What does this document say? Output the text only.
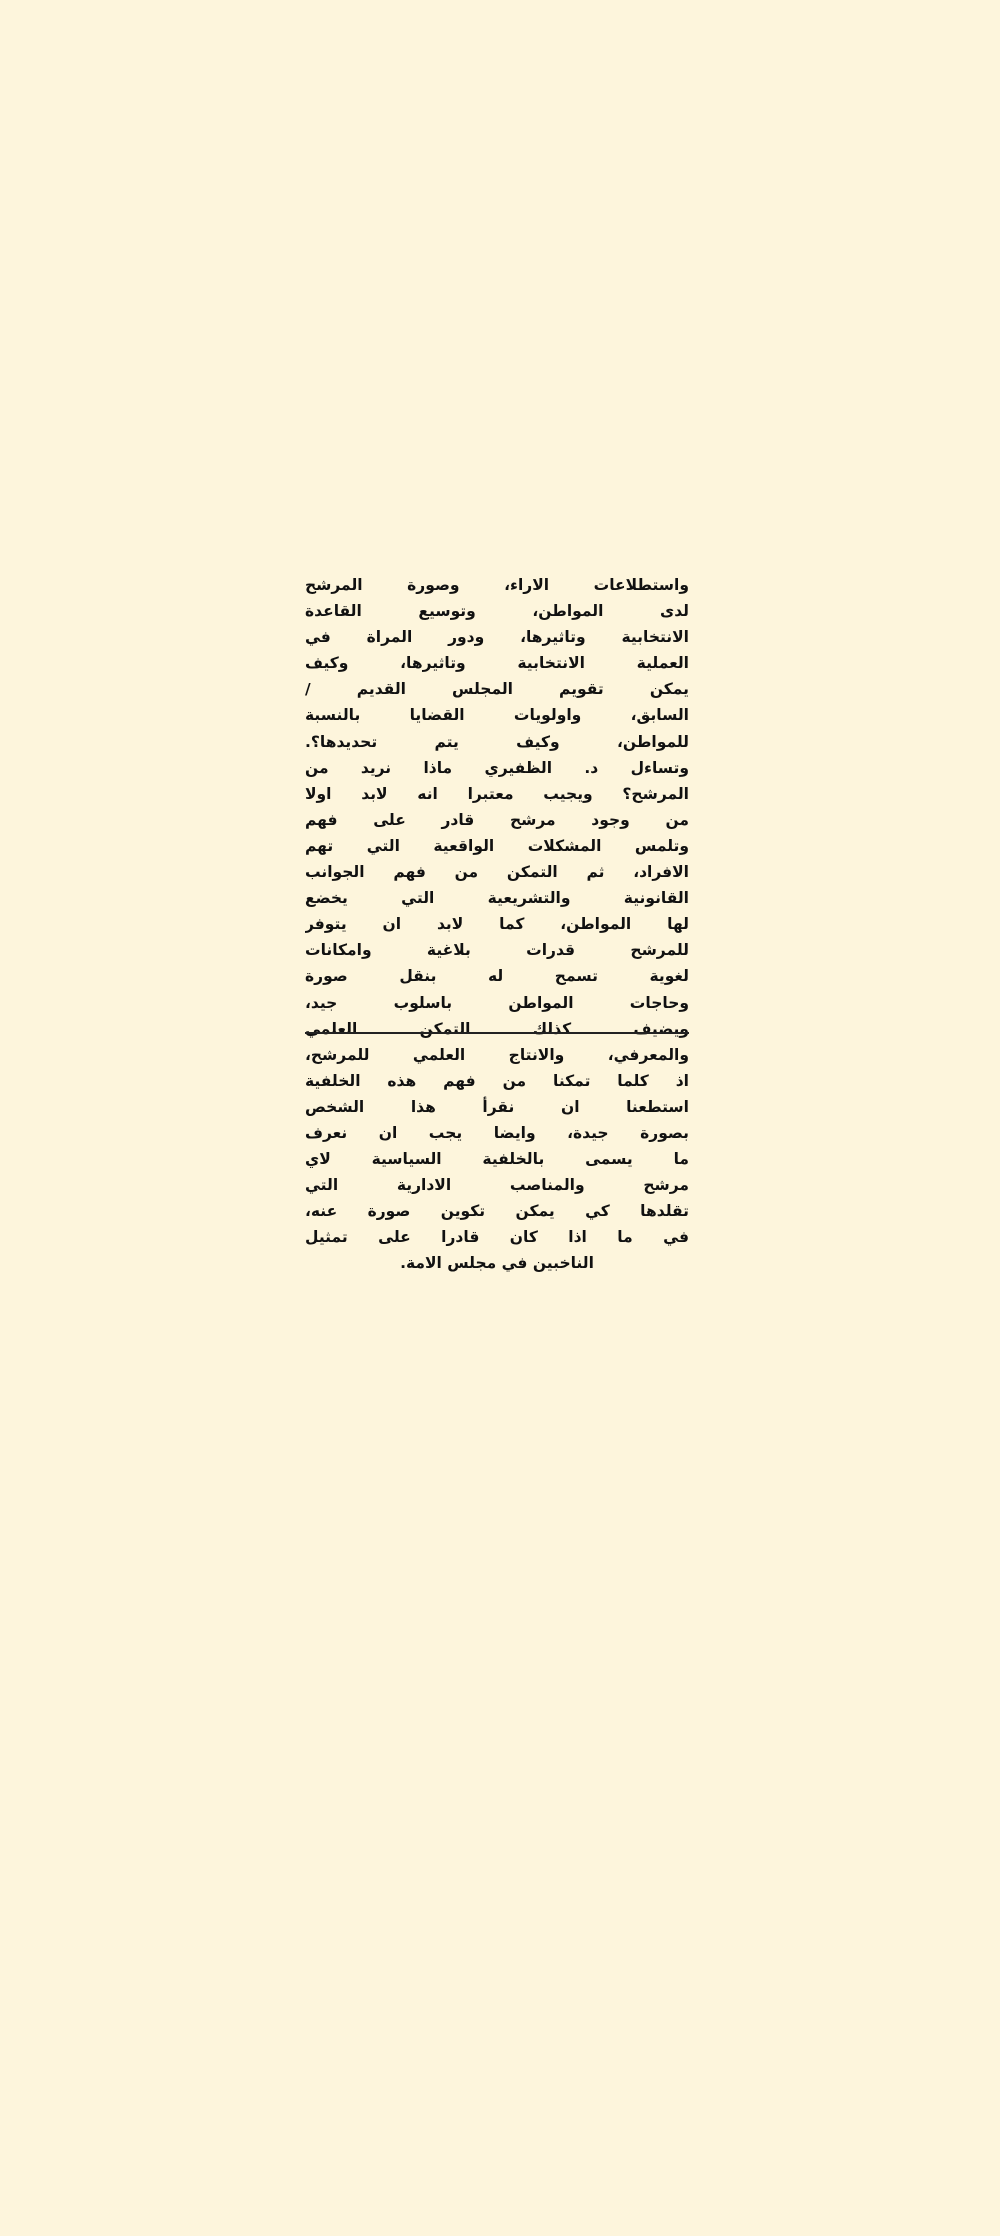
واستطلاعات الاراء، وصورة المرشح
لدى المواطن، وتوسيع القاعدة
الانتخابية وتاثيرها، ودور المراة في
العملية الانتخابية وتاثيرها، وكيف
يمكن تقويم المجلس القديم /
السابق، واولويات القضايا بالنسبة
للمواطن، وكيف يتم تحديدها؟.
وتساءل د. الظفيري ماذا نريد من
المرشح؟ ويجيب معتبرا انه لابد اولا
من وجود مرشح قادر على فهم
وتلمس المشكلات الواقعية التي تهم
الافراد، ثم التمكن من فهم الجوانب
القانونية والتشريعية التي يخضع
لها المواطن، كما لابد ان يتوفر
للمرشح قدرات بلاغية وامكانات
لغوية تسمح له بنقل صورة
وحاجات المواطن باسلوب جيد،
ويضيف كذلك التمكن العلمي
والمعرفي، والانتاج العلمي للمرشح،
اذ كلما تمكنا من فهم هذه الخلفية
استطعنا ان نقرأ هذا الشخص
بصورة جيدة، وايضا يجب ان نعرف
ما يسمى بالخلفية السياسية لاي
مرشح والمناصب الادارية التي
تقلدها كي يمكن تكوين صورة عنه،
في ما اذا كان قادرا على تمثيل
الناخبين في مجلس الامة.
